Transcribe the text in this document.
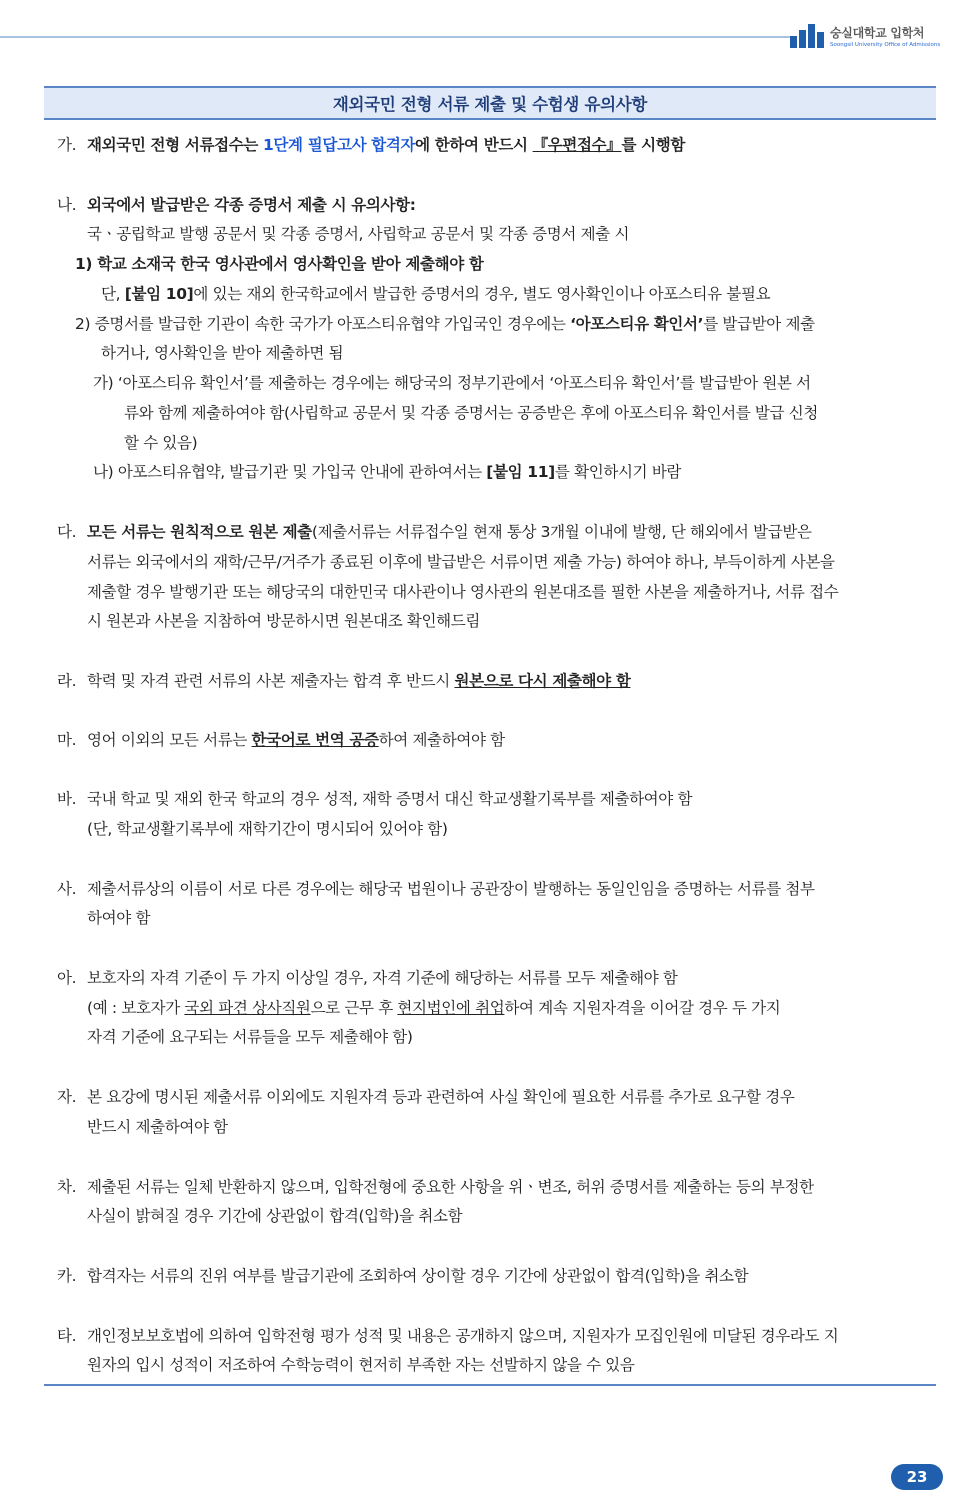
숭실대학교 입학처
Soongsil University Office of Admissions
재외국민 전형 서류 제출 및 수험생 유의사항
가. 재외국민 전형 서류접수는 1단계 필답고사 합격자에 한하여 반드시 『우편접수』를 시행함
나. 외국에서 발급받은 각종 증명서 제출 시 유의사항:
국ㆍ공립학교 발행 공문서 및 각종 증명서, 사립학교 공문서 및 각종 증명서 제출 시
1) 학교 소재국 한국 영사관에서 영사확인을 받아 제출해야 함
단, [붙임 10]에 있는 재외 한국학교에서 발급한 증명서의 경우, 별도 영사확인이나 아포스티유 불필요
2) 증명서를 발급한 기관이 속한 국가가 아포스티유협약 가입국인 경우에는 ‘아포스티유 확인서’를 발급받아 제출
하거나, 영사확인을 받아 제출하면 됨
가) ‘아포스티유 확인서’를 제출하는 경우에는 해당국의 정부기관에서 ‘아포스티유 확인서’를 발급받아 원본 서
류와 함께 제출하여야 함(사립학교 공문서 및 각종 증명서는 공증받은 후에 아포스티유 확인서를 발급 신청
할 수 있음)
나) 아포스티유협약, 발급기관 및 가입국 안내에 관하여서는 [붙임 11]를 확인하시기 바람
다. 모든 서류는 원칙적으로 원본 제출(제출서류는 서류접수일 현재 통상 3개월 이내에 발행, 단 해외에서 발급받은
서류는 외국에서의 재학/근무/거주가 종료된 이후에 발급받은 서류이면 제출 가능) 하여야 하나, 부득이하게 사본을
제출할 경우 발행기관 또는 해당국의 대한민국 대사관이나 영사관의 원본대조를 필한 사본을 제출하거나, 서류 접수
시 원본과 사본을 지참하여 방문하시면 원본대조 확인해드림
라. 학력 및 자격 관련 서류의 사본 제출자는 합격 후 반드시 원본으로 다시 제출해야 함
마. 영어 이외의 모든 서류는 한국어로 번역 공증하여 제출하여야 함
바. 국내 학교 및 재외 한국 학교의 경우 성적, 재학 증명서 대신 학교생활기록부를 제출하여야 함
(단, 학교생활기록부에 재학기간이 명시되어 있어야 함)
사. 제출서류상의 이름이 서로 다른 경우에는 해당국 법원이나 공관장이 발행하는 동일인임을 증명하는 서류를 첨부
하여야 함
아. 보호자의 자격 기준이 두 가지 이상일 경우, 자격 기준에 해당하는 서류를 모두 제출해야 함
(예 : 보호자가 국외 파견 상사직원으로 근무 후 현지법인에 취업하여 계속 지원자격을 이어갈 경우 두 가지
자격 기준에 요구되는 서류들을 모두 제출해야 함)
자. 본 요강에 명시된 제출서류 이외에도 지원자격 등과 관련하여 사실 확인에 필요한 서류를 추가로 요구할 경우
반드시 제출하여야 함
차. 제출된 서류는 일체 반환하지 않으며, 입학전형에 중요한 사항을 위ㆍ변조, 허위 증명서를 제출하는 등의 부정한
사실이 밝혀질 경우 기간에 상관없이 합격(입학)을 취소함
카. 합격자는 서류의 진위 여부를 발급기관에 조회하여 상이할 경우 기간에 상관없이 합격(입학)을 취소함
타. 개인정보보호법에 의하여 입학전형 평가 성적 및 내용은 공개하지 않으며, 지원자가 모집인원에 미달된 경우라도 지
원자의 입시 성적이 저조하여 수학능력이 현저히 부족한 자는 선발하지 않을 수 있음
23
